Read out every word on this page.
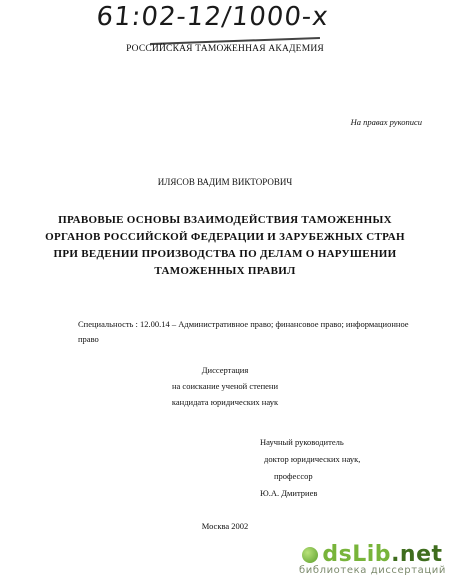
61:02-12/1000-x
РОССИЙСКАЯ ТАМОЖЕННАЯ АКАДЕМИЯ
На правах рукописи
ИЛЯСОВ ВАДИМ ВИКТОРОВИЧ
ПРАВОВЫЕ ОСНОВЫ ВЗАИМОДЕЙСТВИЯ ТАМОЖЕННЫХ
ОРГАНОВ РОССИЙСКОЙ ФЕДЕРАЦИИ И ЗАРУБЕЖНЫХ СТРАН
ПРИ ВЕДЕНИИ ПРОИЗВОДСТВА ПО ДЕЛАМ О НАРУШЕНИИ
ТАМОЖЕННЫХ ПРАВИЛ
Специальность : 12.00.14 – Административное право; финансовое право; информационное право
Диссертация
на соискание ученой степени
кандидата юридических наук
Научный руководитель
доктор юридических наук,
профессор
Ю.А. Дмитриев
Москва 2002
dsLib.net
библиотека диссертаций
